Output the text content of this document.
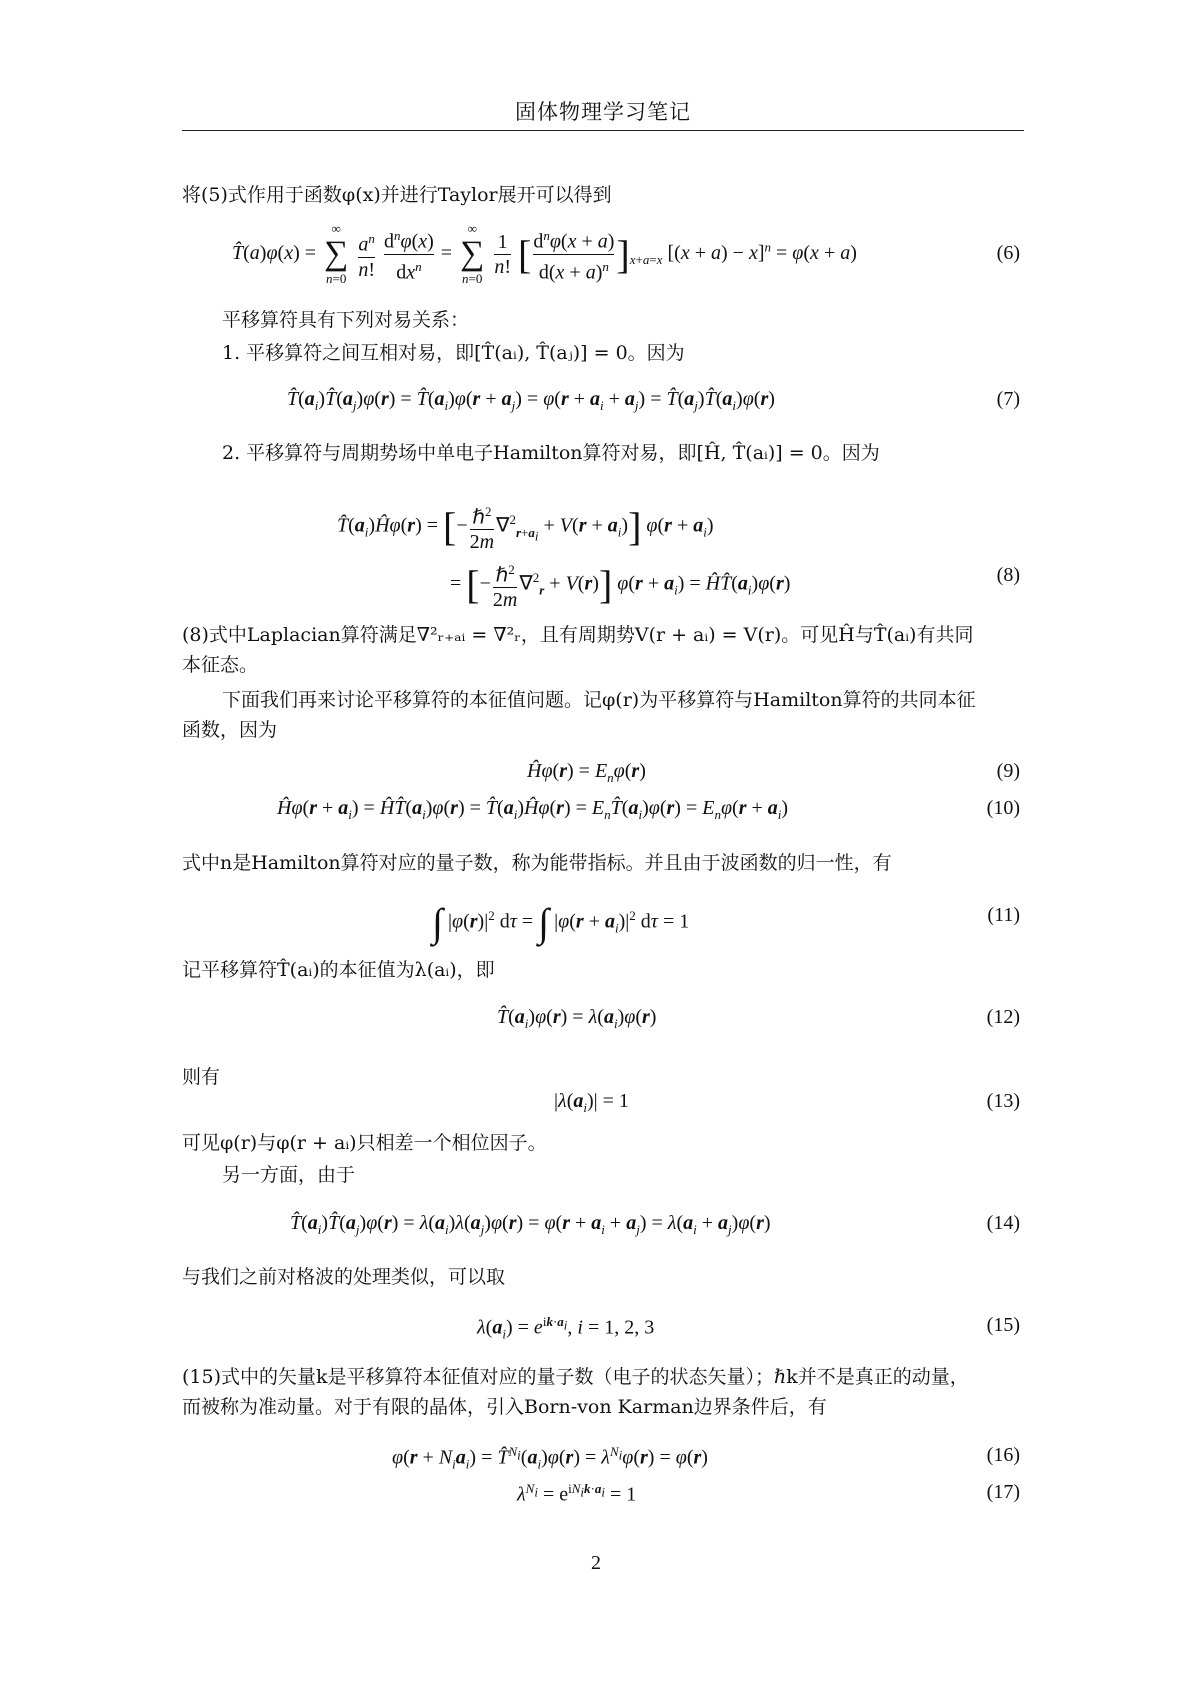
固体物理学习笔记
将(5)式作用于函数φ(x)并进行Taylor展开可以得到
T̂(a)φ(x) =
∞
∑
n=0
$\frac{a^n}{n!}$
$\frac{d^n\varphi(x)}{dx^n}$ =
∞
∑
n=0
$\frac{1}{n!}$ [ $\frac{d^n\varphi(x + a)}{d(x + a)^n} ]_{x+a=x}$ $[(x + a) - x]^n = \varphi(x + a)$	(6)
平移算符具有下列对易关系：
1. 平移算符之间互相对易，即[T̂(aᵢ), T̂(aⱼ)] = 0。因为
$T̂(a_i)T̂(a_j)\varphi(r)$ = $T̂(a_i)\varphi(r + a_j) = \varphi(r + a_i + a_j)$ = $T̂(a_j)T̂(a_i)\varphi(r)$	(7)
2. 平移算符与周期势场中单电子Hamilton算符对易，即[Ĥ, T̂(aᵢ)] = 0。因为
$T̂(a_i)Ĥ\varphi(r)$ = [− $\frac{\hbar^2}{2m} \nabla^2_{r+a_i} + V(r + a_i)$] $\varphi(r + a_i)$
= [− $\frac{\hbar^2}{2m} \nabla^2_r + V(r)$] $\varphi(r + a_i)$ = $ĤT̂(a_i)\varphi(r)$	(8)
(8)式中Laplacian算符满足∇²ᵣ₊ₐᵢ = ∇²ᵣ，且有周期势V(r + aᵢ) = V(r)。可见Ĥ与T̂(aᵢ)有共同
本征态。
下面我们再来讨论平移算符的本征值问题。记φ(r)为平移算符与Hamilton算符的共同本征
函数，因为
Ĥφ(r) = $E_n\varphi(r)$	(9)
Ĥφ(r + $a_i$) = $ĤT̂(a_i)\varphi(r)$ = $T̂(a_i)Ĥ\varphi(r)$ = $E_nT̂(a_i)\varphi(r) = E_n\varphi(r + a_i)$	(10)
式中n是Hamilton算符对应的量子数，称为能带指标。并且由于波函数的归一性，有
∫ $|\varphi(r)|^2$ dτ = ∫ $|\varphi(r + a_i)|^2$ dτ = 1	(11)
记平移算符T̂(aᵢ)的本征值为λ(aᵢ)，即
$T̂(a_i)\varphi(r) = \lambda(a_i)\varphi(r)$	(12)
则有
$|\lambda(a_i)| = 1$	(13)
可见φ(r)与φ(r + aᵢ)只相差一个相位因子。
另一方面，由于
$T̂(a_i)T̂(a_j)\varphi(r) = \lambda(a_i)\lambda(a_j)\varphi(r) = \varphi(r + a_i + a_j) = \lambda(a_i + a_j)\varphi(r)$	(14)
与我们之前对格波的处理类似，可以取
$\lambda(a_i) = e^{ik\cdot a_i}$, i = 1, 2, 3	(15)
(15)式中的矢量k是平移算符本征值对应的量子数（电子的状态矢量）；ℏk并不是真正的动量，
而被称为准动量。对于有限的晶体，引入Born-von Karman边界条件后，有
$\varphi(r + N_ia_i)$ = $T̂^{N_i}(a_i)\varphi(r) = \lambda^{N_i}\varphi(r) = \varphi(r)$	(16)
$\lambda^{N_i} = e^{iN_ik\cdot a_i} = 1$	(17)
2
